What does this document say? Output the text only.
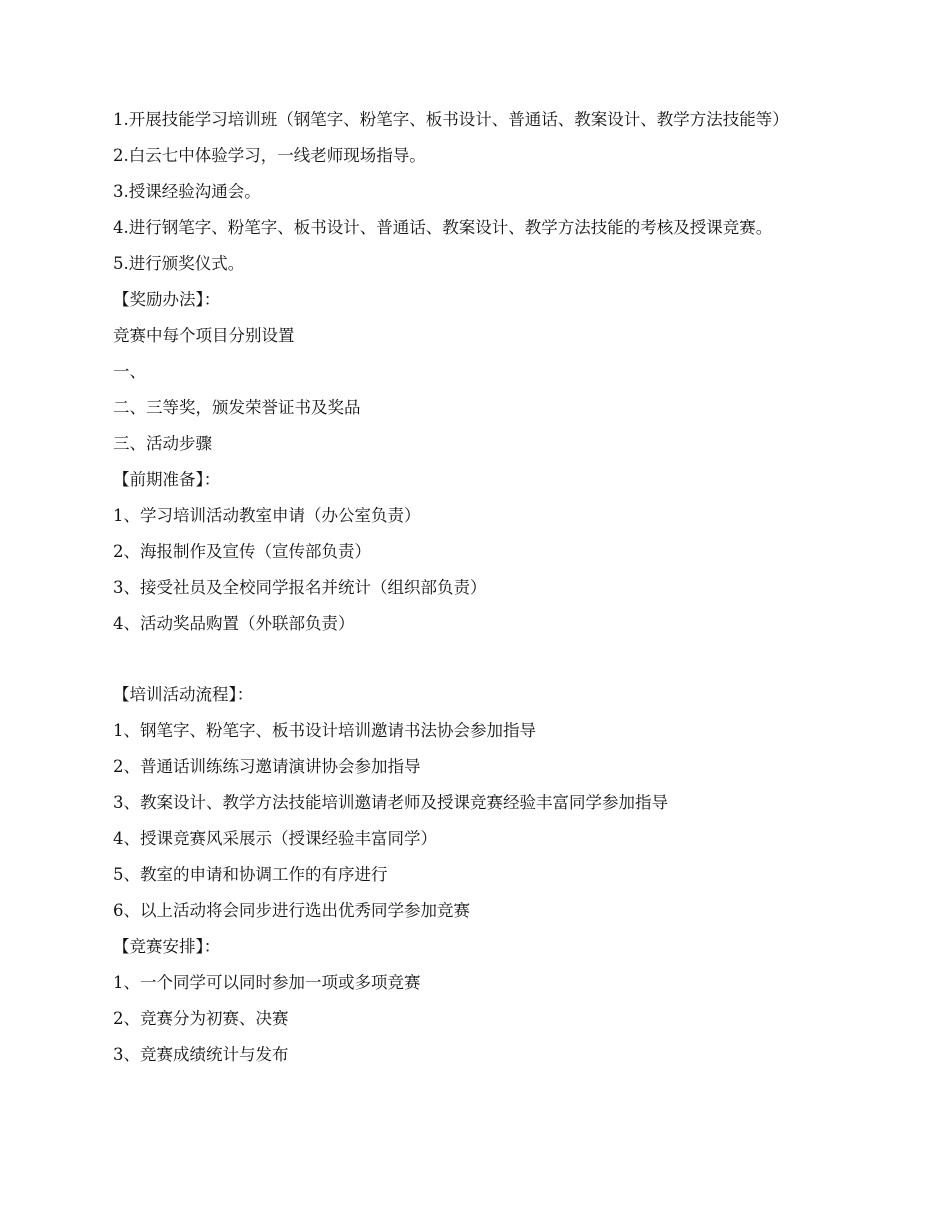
1.开展技能学习培训班（钢笔字、粉笔字、板书设计、普通话、教案设计、教学方法技能等）

2.白云七中体验学习，一线老师现场指导。

3.授课经验沟通会。

4.进行钢笔字、粉笔字、板书设计、普通话、教案设计、教学方法技能的考核及授课竞赛。

5.进行颁奖仪式。

【奖励办法】：

竞赛中每个项目分别设置

一、

二、三等奖，颁发荣誉证书及奖品

三、活动步骤

【前期准备】：

1、学习培训活动教室申请（办公室负责）

2、海报制作及宣传（宣传部负责）

3、接受社员及全校同学报名并统计（组织部负责）

4、活动奖品购置（外联部负责）

【培训活动流程】：

1、钢笔字、粉笔字、板书设计培训邀请书法协会参加指导

2、普通话训练练习邀请演讲协会参加指导

3、教案设计、教学方法技能培训邀请老师及授课竞赛经验丰富同学参加指导

4、授课竞赛风采展示（授课经验丰富同学）

5、教室的申请和协调工作的有序进行

6、以上活动将会同步进行选出优秀同学参加竞赛

【竞赛安排】：

1、一个同学可以同时参加一项或多项竞赛

2、竞赛分为初赛、决赛

3、竞赛成绩统计与发布
